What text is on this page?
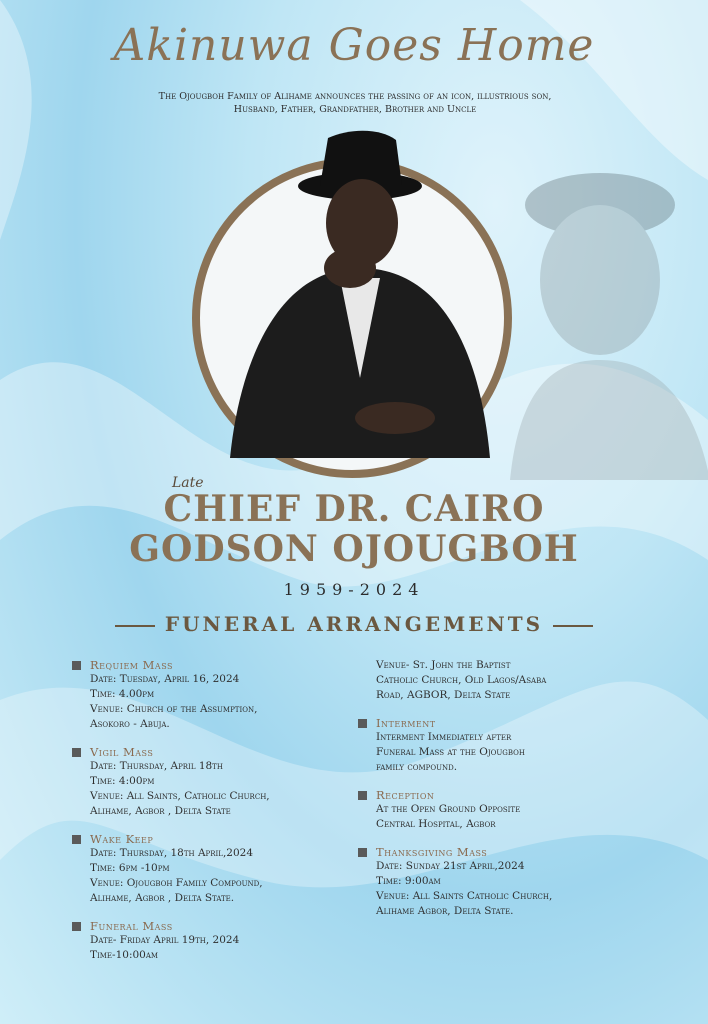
Akinuwa Goes Home
The Ojougboh Family of Alihame announces the passing of an icon, illustrious son, Husband, Father, Grandfather, Brother and Uncle
Late
CHIEF DR. CAIRO
GODSON OJOUGBOH
1959-2024
FUNERAL ARRANGEMENTS
Requiem Mass
Date: Tuesday, April 16, 2024
Time: 4.00pm
Venue: Church of the Assumption,
Asokoro - Abuja.
Vigil Mass
Date: Thursday, April 18th
Time: 4:00pm
Venue: All Saints, Catholic Church,
Alihame, Agbor , Delta State
Wake Keep
Date: Thursday, 18th April,2024
Time: 6pm -10pm
Venue: Ojougboh Family Compound,
Alihame, Agbor , Delta State.
Funeral Mass
Date- Friday April 19th, 2024
Time-10:00am
Venue- St. John the Baptist
Catholic Church, Old Lagos/Asaba
Road, AGBOR, Delta State
Interment
Interment Immediately after
Funeral Mass at the Ojougboh
family compound.
Reception
At the Open Ground Opposite
Central Hospital, Agbor
Thanksgiving Mass
Date: Sunday 21st April,2024
Time: 9:00am
Venue: All Saints Catholic Church,
Alihame Agbor, Delta State.
